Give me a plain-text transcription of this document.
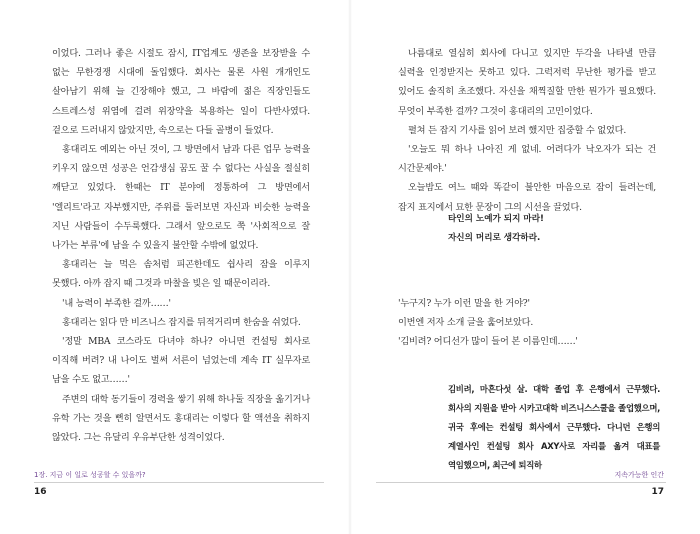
이었다. 그러나 좋은 시절도 잠시, IT업계도 생존을 보장받을 수 없는 무한경쟁 시대에 돌입했다. 회사는 물론 사원 개개인도 살아남기 위해 늘 긴장해야 했고, 그 바람에 젊은 직장인들도 스트레스성 위염에 걸려 위장약을 복용하는 일이 다반사였다. 겉으로 드러내지 않았지만, 속으로는 다들 골병이 들었다.

홍대리도 예외는 아닌 것이, 그 방면에서 남과 다른 업무 능력을 키우지 않으면 성공은 언감생심 꿈도 꿀 수 없다는 사실을 절실히 깨닫고 있었다. 한때는 IT 분야에 정통하여 그 방면에서 '엘리트'라고 자부했지만, 주위를 둘러보면 자신과 비슷한 능력을 지닌 사람들이 수두룩했다. 그래서 앞으로도 쭉 '사회적으로 잘 나가는 부류'에 남을 수 있을지 불안할 수밖에 없었다.

홍대리는 늘 먹은 솜처럼 피곤한데도 쉽사리 잠을 이루지 못했다. 아까 잡지 때 그것과 마찰을 빚은 일 때문이리라.

'내 능력이 부족한 걸까……'

홍대리는 읽다 만 비즈니스 잡지를 뒤적거리며 한숨을 쉬었다.

'정말 MBA 코스라도 다녀야 하나? 아니면 컨설팅 회사로 이직해 버려? 내 나이도 벌써 서른이 넘었는데 계속 IT 실무자로 남을 수도 없고……'

주변의 대학 동기들이 경력을 쌓기 위해 하나둘 직장을 옮기거나 유학 가는 것을 뻔히 알면서도 홍대리는 이렇다 할 액션을 취하지 않았다. 그는 유달리 우유부단한 성격이었다.

1장. 지금 이 일로 성공할 수 있을까?
16

나름대로 열심히 회사에 다니고 있지만 두각을 나타낼 만큼 실력을 인정받지는 못하고 있다. 그럭저럭 무난한 평가를 받고 있어도 솔직히 초조했다. 자신을 채찍질할 만한 뭔가가 필요했다. 무엇이 부족한 걸까? 그것이 홍대리의 고민이었다.

펼쳐 든 잡지 기사를 읽어 보려 했지만 집중할 수 없었다.

'오늘도 뭐 하나 나아진 게 없네. 어려다가 낙오자가 되는 건 시간문제야.'

오늘밤도 여느 때와 똑같이 불안한 마음으로 잠이 들려는데, 잡지 표지에서 묘한 문장이 그의 시선을 끌었다.

타인의 노예가 되지 마라!

자신의 머리로 생각하라.

'누구지? 누가 이런 말을 한 거야?'

이번엔 저자 소개 글을 훑어보았다.

'김비려? 어디선가 많이 들어 본 이름인데……'

김비려, 마흔다섯 살. 대학 졸업 후 은행에서 근무했다. 회사의 지원을 받아 시카고대학 비즈니스스쿨을 졸업했으며, 귀국 후에는 컨설팅 회사에서 근무했다. 다니던 은행의 계열사인 컨설팅 회사 AXY사로 자리를 옮겨 대표를 역임했으며, 최근에 퇴직하
지속가능한 인간
17
